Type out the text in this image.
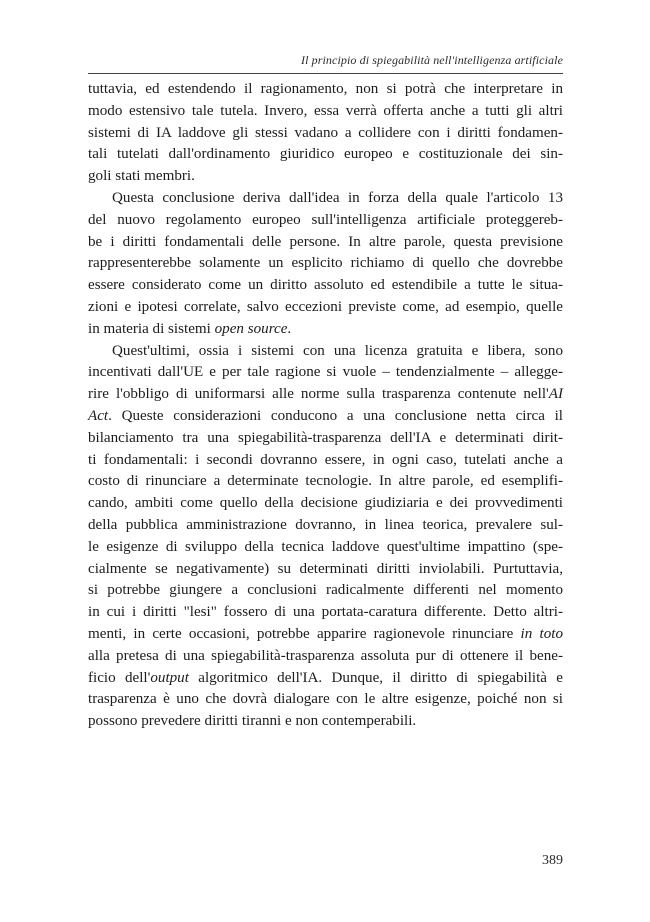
Il principio di spiegabilità nell'intelligenza artificiale
tuttavia, ed estendendo il ragionamento, non si potrà che interpretare in
modo estensivo tale tutela. Invero, essa verrà offerta anche a tutti gli altri
sistemi di IA laddove gli stessi vadano a collidere con i diritti fondamen-
tali tutelati dall'ordinamento giuridico europeo e costituzionale dei sin-
goli stati membri.
Questa conclusione deriva dall'idea in forza della quale l'articolo 13
del nuovo regolamento europeo sull'intelligenza artificiale proteggereb-
be i diritti fondamentali delle persone. In altre parole, questa previsione
rappresenterebbe solamente un esplicito richiamo di quello che dovrebbe
essere considerato come un diritto assoluto ed estendibile a tutte le situa-
zioni e ipotesi correlate, salvo eccezioni previste come, ad esempio, quelle
in materia di sistemi open source.
Quest'ultimi, ossia i sistemi con una licenza gratuita e libera, sono
incentivati dall'UE e per tale ragione si vuole – tendenzialmente – allegge-
rire l'obbligo di uniformarsi alle norme sulla trasparenza contenute nell'AI
Act. Queste considerazioni conducono a una conclusione netta circa il
bilanciamento tra una spiegabilità-trasparenza dell'IA e determinati dirit-
ti fondamentali: i secondi dovranno essere, in ogni caso, tutelati anche a
costo di rinunciare a determinate tecnologie. In altre parole, ed esemplifi-
cando, ambiti come quello della decisione giudiziaria e dei provvedimenti
della pubblica amministrazione dovranno, in linea teorica, prevalere sul-
le esigenze di sviluppo della tecnica laddove quest'ultime impattino (spe-
cialmente se negativamente) su determinati diritti inviolabili. Purtuttavia,
si potrebbe giungere a conclusioni radicalmente differenti nel momento
in cui i diritti "lesi" fossero di una portata-caratura differente. Detto altri-
menti, in certe occasioni, potrebbe apparire ragionevole rinunciare in toto
alla pretesa di una spiegabilità-trasparenza assoluta pur di ottenere il bene-
ficio dell'output algoritmico dell'IA. Dunque, il diritto di spiegabilità e
trasparenza è uno che dovrà dialogare con le altre esigenze, poiché non si
possono prevedere diritti tiranni e non contemperabili.
389
